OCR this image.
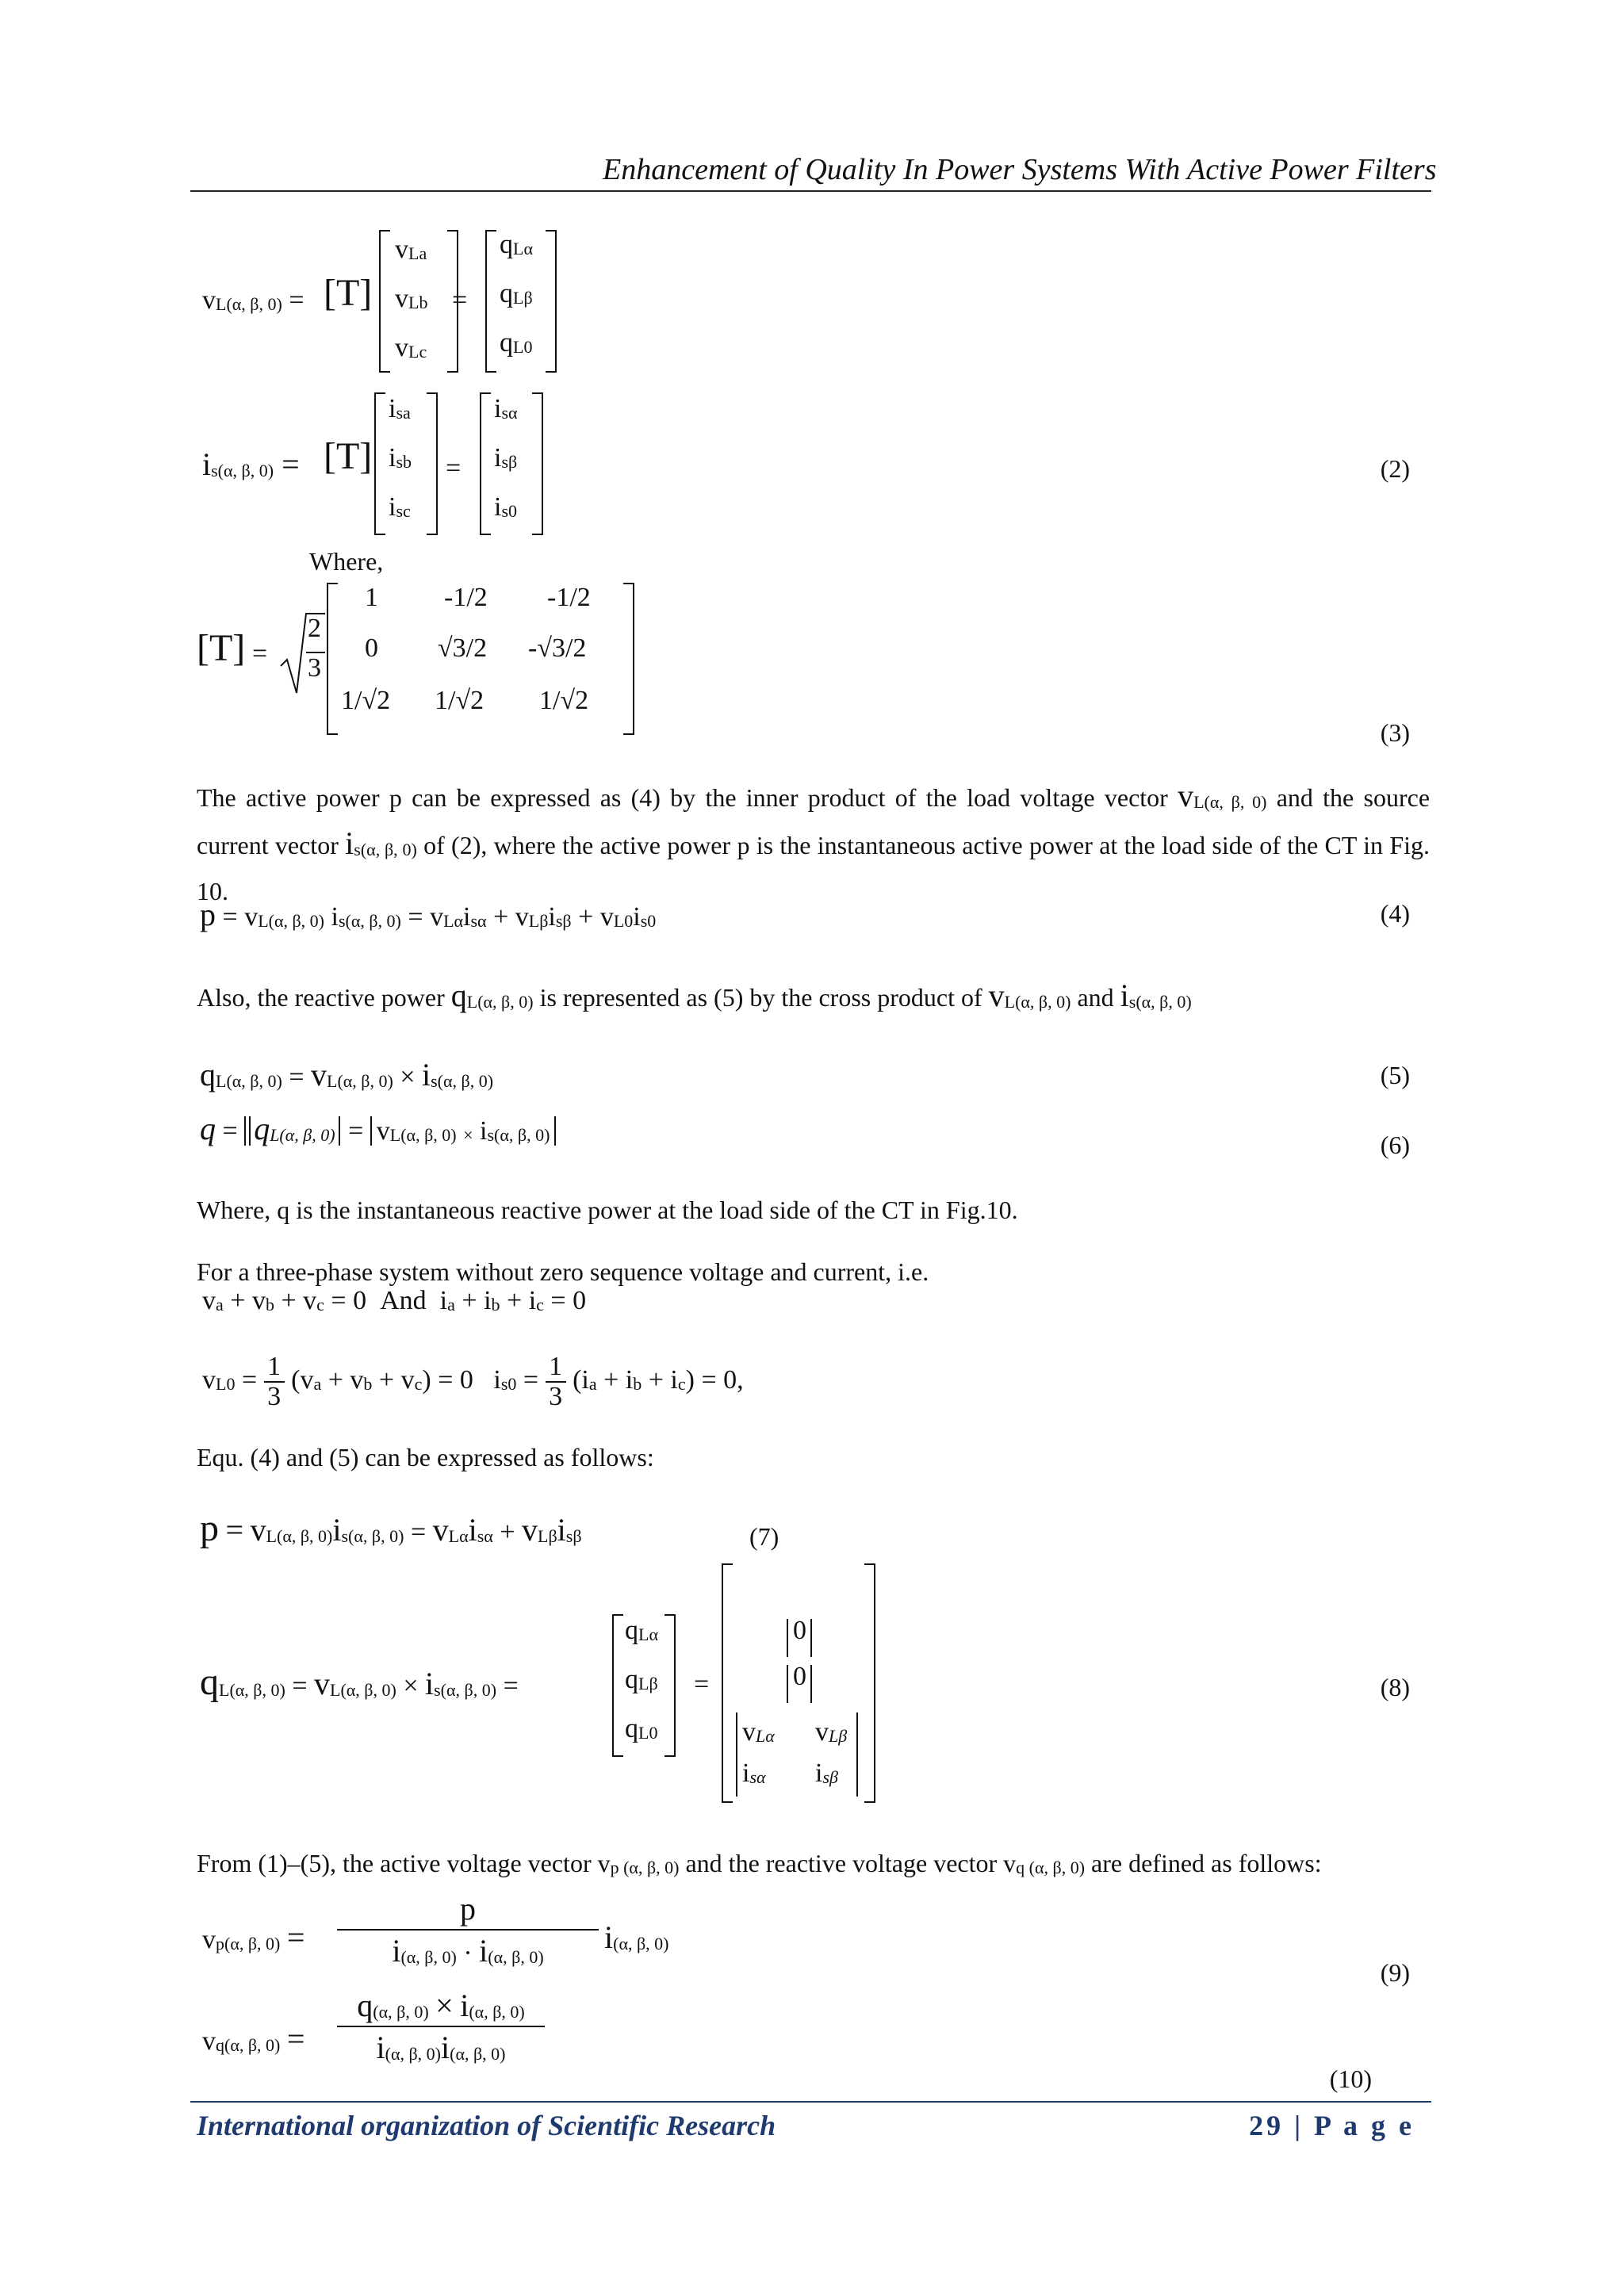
Enhancement of Quality In Power Systems With Active Power Filters
vL(α, β, 0) = [T]
vLa
vLb
vLc
=
qLα
qLβ
qL0
is(α, β, 0) = [T]
isa
isb
isc
=
isα
isβ
is0
(2)
Where,
[T] =
2
3
1 -1/2 -1/2
0 √3/2 -√3/2
1/√2 1/√2 1/√2
(3)
The active power p can be expressed as (4) by the inner product of the load voltage vector vL(α, β, 0) and the source current vector is(α, β, 0) of (2), where the active power p is the instantaneous active power at the load side of the CT in Fig. 10.
p = vL(α, β, 0) is(α, β, 0) = vLαisα + vLβisβ + vL0is0	(4)
Also, the reactive power qL(α, β, 0) is represented as (5) by the cross product of vL(α, β, 0) and is(α, β, 0)
qL(α, β, 0) = vL(α, β, 0) × is(α, β, 0)	(5)
q = qL(α, β, 0) = vL(α, β, 0) × is(α, β, 0)	(6)
Where, q is the instantaneous reactive power at the load side of the CT in Fig.10.
For a three-phase system without zero sequence voltage and current, i.e.
va + vb + vc = 0 And ia + ib + ic = 0
$vL0 = \frac{1}{3} (va$ + vb + vc) = 0 $is0 = \frac{1}{3} (ia$ + ib + ic) = 0,
Equ. (4) and (5) can be expressed as follows:
p = vL(α, β, 0)is(α, β, 0) = vLαisα + vLβisβ	(7)
qL(α, β, 0) = vL(α, β, 0) × is(α, β, 0) =
qLα
qLβ
qL0
=
0
0
vLα vLβ
isα isβ
(8)
From (1)–(5), the active voltage vector vp (α, β, 0) and the reactive voltage vector vq (α, β, 0) are defined as follows:
vp(α, β, 0) =
p
i(α, β, 0) · i(α, β, 0)
i(α, β, 0)
(9)
vq(α, β, 0) =
q(α, β, 0) × i(α, β, 0)
i(α, β, 0)i(α, β, 0)
(10)
International organization of Scientific Research	29 | P a g e
